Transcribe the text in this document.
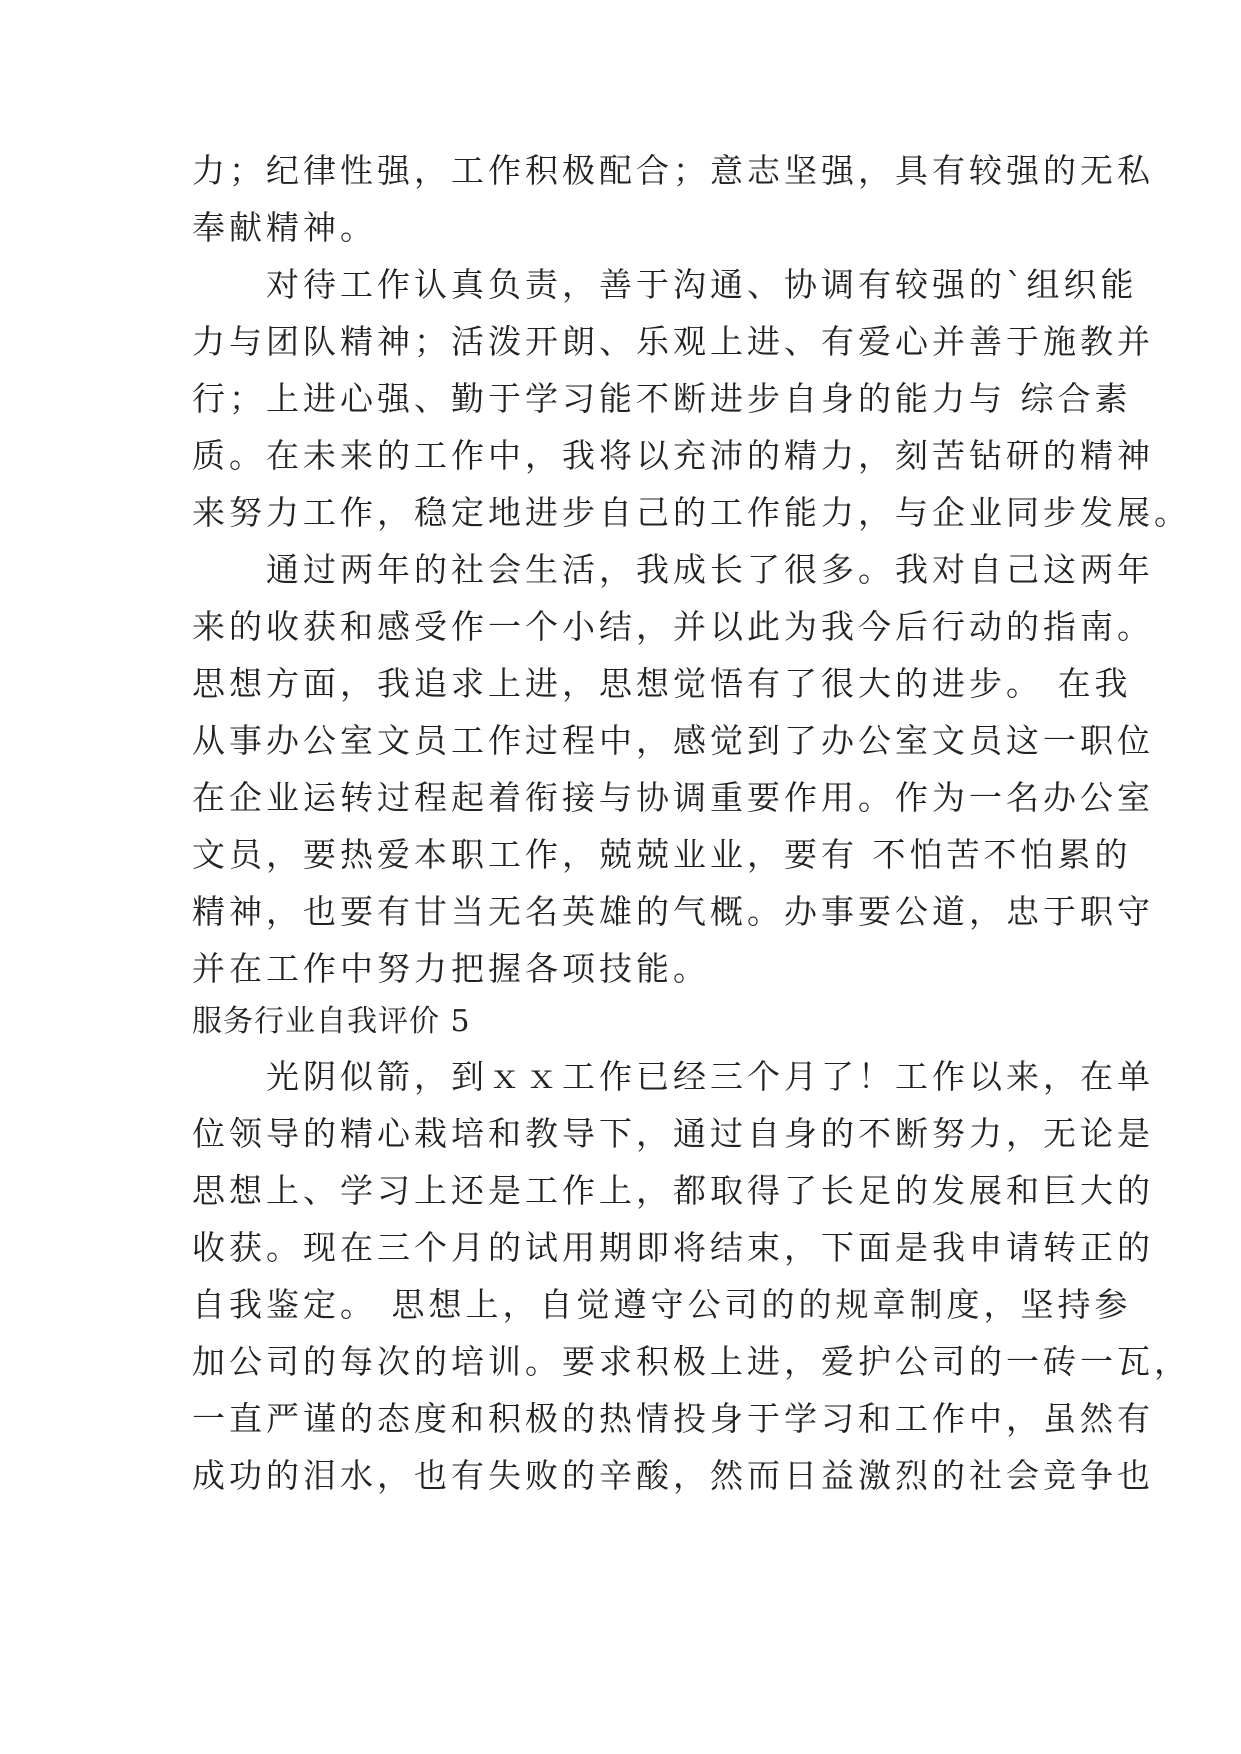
力；纪律性强，工作积极配合；意志坚强，具有较强的无私
奉献精神。
　　对待工作认真负责，善于沟通、协调有较强的`组织能
力与团队精神；活泼开朗、乐观上进、有爱心并善于施教并
行；上进心强、勤于学习能不断进步自身的能力与 综合素
质。在未来的工作中，我将以充沛的精力，刻苦钻研的精神
来努力工作，稳定地进步自己的工作能力，与企业同步发展。
　　通过两年的社会生活，我成长了很多。我对自己这两年
来的收获和感受作一个小结，并以此为我今后行动的指南。
思想方面，我追求上进，思想觉悟有了很大的进步。 在我
从事办公室文员工作过程中，感觉到了办公室文员这一职位
在企业运转过程起着衔接与协调重要作用。作为一名办公室
文员，要热爱本职工作，兢兢业业，要有 不怕苦不怕累的
精神，也要有甘当无名英雄的气概。办事要公道，忠于职守
并在工作中努力把握各项技能。
服务行业自我评价 5
　　光阴似箭，到ｘｘ工作已经三个月了！工作以来，在单
位领导的精心栽培和教导下，通过自身的不断努力，无论是
思想上、学习上还是工作上，都取得了长足的发展和巨大的
收获。现在三个月的试用期即将结束，下面是我申请转正的
自我鉴定。 思想上，自觉遵守公司的的规章制度，坚持参
加公司的每次的培训。要求积极上进，爱护公司的一砖一瓦，
一直严谨的态度和积极的热情投身于学习和工作中，虽然有
成功的泪水，也有失败的辛酸，然而日益激烈的社会竞争也
